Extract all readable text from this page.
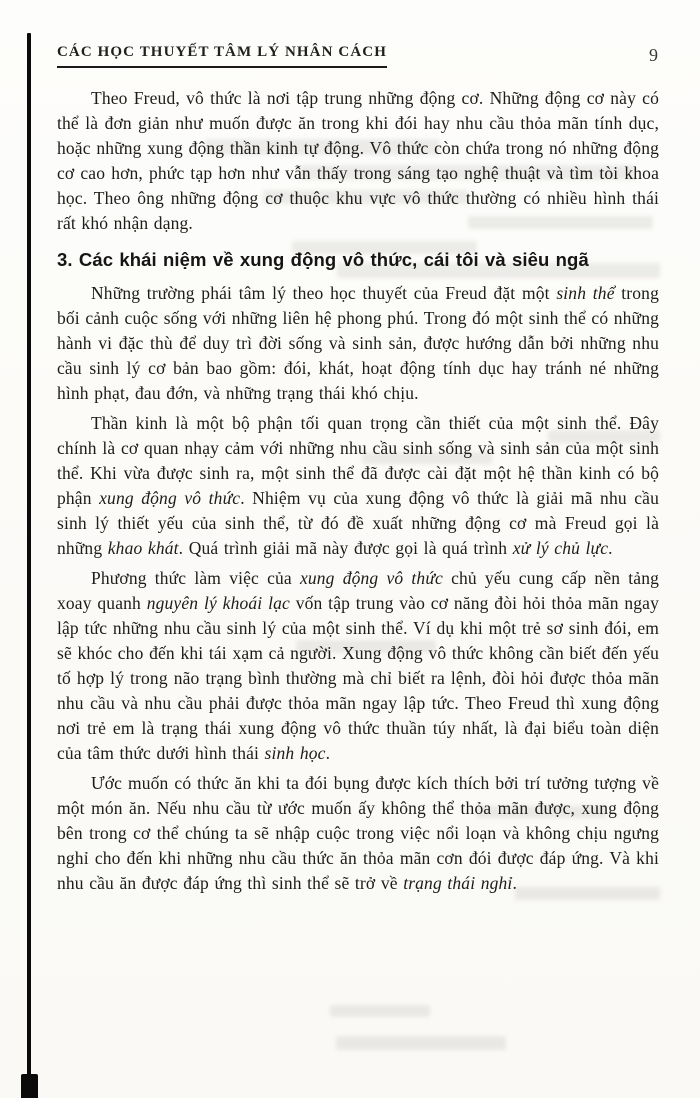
CÁC HỌC THUYẾT TÂM LÝ NHÂN CÁCH	9

Theo Freud, vô thức là nơi tập trung những động cơ. Những động cơ này có thể là đơn giản như muốn được ăn trong khi đói hay nhu cầu thỏa mãn tính dục, hoặc những xung động thần kinh tự động. Vô thức còn chứa trong nó những động cơ cao hơn, phức tạp hơn như vẫn thấy trong sáng tạo nghệ thuật và tìm tòi khoa học. Theo ông những động cơ thuộc khu vực vô thức thường có nhiều hình thái rất khó nhận dạng.

3. Các khái niệm về xung động vô thức, cái tôi và siêu ngã

Những trường phái tâm lý theo học thuyết của Freud đặt một sinh thể trong bối cảnh cuộc sống với những liên hệ phong phú. Trong đó một sinh thể có những hành vi đặc thù để duy trì đời sống và sinh sản, được hướng dẫn bởi những nhu cầu sinh lý cơ bản bao gồm: đói, khát, hoạt động tính dục hay tránh né những hình phạt, đau đớn, và những trạng thái khó chịu.

Thần kinh là một bộ phận tối quan trọng cần thiết của một sinh thể. Đây chính là cơ quan nhạy cảm với những nhu cầu sinh sống và sinh sản của một sinh thể. Khi vừa được sinh ra, một sinh thể đã được cài đặt một hệ thần kinh có bộ phận xung động vô thức. Nhiệm vụ của xung động vô thức là giải mã nhu cầu sinh lý thiết yếu của sinh thể, từ đó đề xuất những động cơ mà Freud gọi là những khao khát. Quá trình giải mã này được gọi là quá trình xử lý chủ lực.

Phương thức làm việc của xung động vô thức chủ yếu cung cấp nền tảng xoay quanh nguyên lý khoái lạc vốn tập trung vào cơ năng đòi hỏi thỏa mãn ngay lập tức những nhu cầu sinh lý của một sinh thể. Ví dụ khi một trẻ sơ sinh đói, em sẽ khóc cho đến khi tái xạm cả người. Xung động vô thức không cần biết đến yếu tố hợp lý trong não trạng bình thường mà chỉ biết ra lệnh, đòi hỏi được thỏa mãn nhu cầu và nhu cầu phải được thỏa mãn ngay lập tức. Theo Freud thì xung động nơi trẻ em là trạng thái xung động vô thức thuần túy nhất, là đại biểu toàn diện của tâm thức dưới hình thái sinh học.

Ước muốn có thức ăn khi ta đói bụng được kích thích bởi trí tưởng tượng về một món ăn. Nếu nhu cầu từ ước muốn ấy không thể thỏa mãn được, xung động bên trong cơ thể chúng ta sẽ nhập cuộc trong việc nổi loạn và không chịu ngưng nghỉ cho đến khi những nhu cầu thức ăn thỏa mãn cơn đói được đáp ứng. Và khi nhu cầu ăn được đáp ứng thì sinh thể sẽ trở về trạng thái nghỉ.
